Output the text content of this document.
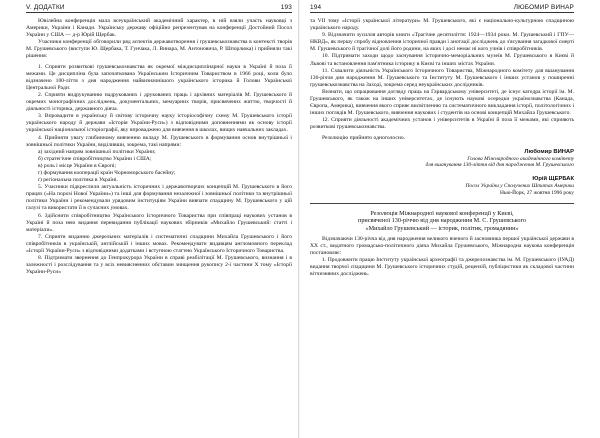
V. ДОДАТКИ	193

Ювілейна конференція мала всеукраїнський академічний характер, в ній взяли участь науковці з Америки, України і Канади. Українську державу офіційно репрезентував на конференції Достойний Посол України у США — д-р Юрій Щербак.

Учасники конференції обговорили ряд аспектів державотворення і грушевськознавства в контексті творів М. Грушевського (виступи Ю. Щербака, Т. Гунчака, Л. Винара, М. Антоновича, Р. Шпорлюка) і прийняли такі рішення:

1. Сприяти розвиткові грушевськознавства як окремої міждисциплінарної науки в Україні й поза її межами. Це дисципліна була започаткована Українським Історичним Товариством в 1966 році, коли було відзначено 100-ліття з дня народження найвизначнішого українського історика й Голови Української Центральної Ради.

2. Сприяти видрукуванню надрукованих і друкованих праць і архівних матеріалів М. Грушевського й окремих монографічних досліджень, документальних, мемуарних творів, присвячених життю, творчості й діяльності історика, державного діяча.

3. Впровадити в українську й світову історичну науку історіософічну схему М. Грушевського історії українського народу й держави «Історія України-Руси») з відповідними доповненнями як основу історії української національної історіографії, яку впроваджено для вивчення в школах, вищих навчальних закладах.

4. Прийняти увагу глибинному вивченню вкладу М. Грушевського в формування основ внутрішньої і зовнішньої політики України, виділивши, зокрема, такі напрями:

а) західний напрям зовнішньої політики України;
б) стратегічне співробітництво України і США;
в) роль і місце України в Європі;
г) формування кооперації країн Чорноморського басейну;
ґ) регіональна політика в Україні.

5. Учасники підкреслили актуальність історичних і державотворчих концепцій М. Грушевського в його працях («На порозі Нової України») та інші для формування незалежної і зовнішньої політики та внутрішньої політики України і рекомендували урядовим інституціям України вивчати спадщину М. Грушевського у цій галузі та використати її в сучасних умовах.

6. Здійснити співробітництво Українського Історичного Товариства при співпраці наукових установ в Україні й поза нею видання перевидання публікації наукових збірників «Михайло Грушевський: статті і матеріали».

7. Сприяти виданню джерельних матеріалів і систематичні спадщини Михайла Грушевського і його співробітників в українській, англійській і інших мовах. Рекомендувати видавцям англомовного переклад «Історії України-Руси» з відповідними додатками і вступною статтею Українського Історичного Товариства.

8. Підтримати звернення до Генпрокурора України в справі реабілітації М. Грушевського, визнання і в залежності і розслідування та у всіх невиясненних обставин знищення рукопису 2-ї частини X тому «Історії України-Руси»

194	ЛЮБОМИР ВИНАР

та VII тому «Історії української літератури» М. Грушевського, які є національно-культурною спадщиною українського народу.

9. Відзначити зусилля авторів книги «Трагічне десятиліття: 1924—1934 роки. М. Грушевський і ГПУ—НКВД», як першу спробу відновлення історичної правди і анотації досліджень до з'ясування загадкової смерті М. Грушевського й трагічної долі його родини, на яких і досі немає ні кого учнів і співробітників.

10. Підтримати заходи щодо заснування історично-меморіальних музеїв М. Грушевського в Києві й Львові та встановлення пам'ятника історику в Києві та інших містах України.

11. Схвалити діяльність Українського Історичного Товариства, Міжнародного комітету для вшанування 130-річчя дня народження М. Грушевського та Інституту М. Грушевського і інших установ у поширенні грушевськознавства на Заході, зокрема серед неукраїнських дослідників.

Визнати, що опрацювання догляду праць на Гарвардському університеті, де існує катедра історії ім. М. Грушевського, як також на інших університетах, де існують наукові осередки українознавства (Канада, Європа, Америка), вивчення якого сприяє висвітленню та систематичного викладання історії, політологічних і інших поглядів М. Грушевського, вивчення наукових і студентів на основі концепцій Михайла Грушевського.

12. Сприяти діяльності академічних установ і університетів в Україні й поза її межами, які сприяють розвиткові грушевськознавства.

Резолюцію прийнято одноголосно.

Любомир ВИНАР
Голова Міжнародного академічного комітету
для вшанування 130-ліття від дня народження М. Грушевського
Юрій ЩЕРБАК
Посол України у Сполучених Штатах Америки
Нью-Йорк, 27 жовтня 1996 року
Резолюція Міжнародної наукової конференції у Києві,
присвяченої 130-річчю від дня народження М. С. Грушевського
«Михайло Грушевський — історик, політик, громадянин»

Відзначаючи 130-річча від дня народження великого вченого й засновника першої української держави в XX ст., видатного громадсько-політичного діяча Михайла Грушевського, Міжнародна наукова конференція постановляє:

1. Продовжити працю Інституту української археографії та джерелознавства ім. М. Грушевського (ІУАД) видання творчої спадщини М. Грушевського історичних студій, рецензій, публіцистики як складової частини вітчизняних досліджень.
